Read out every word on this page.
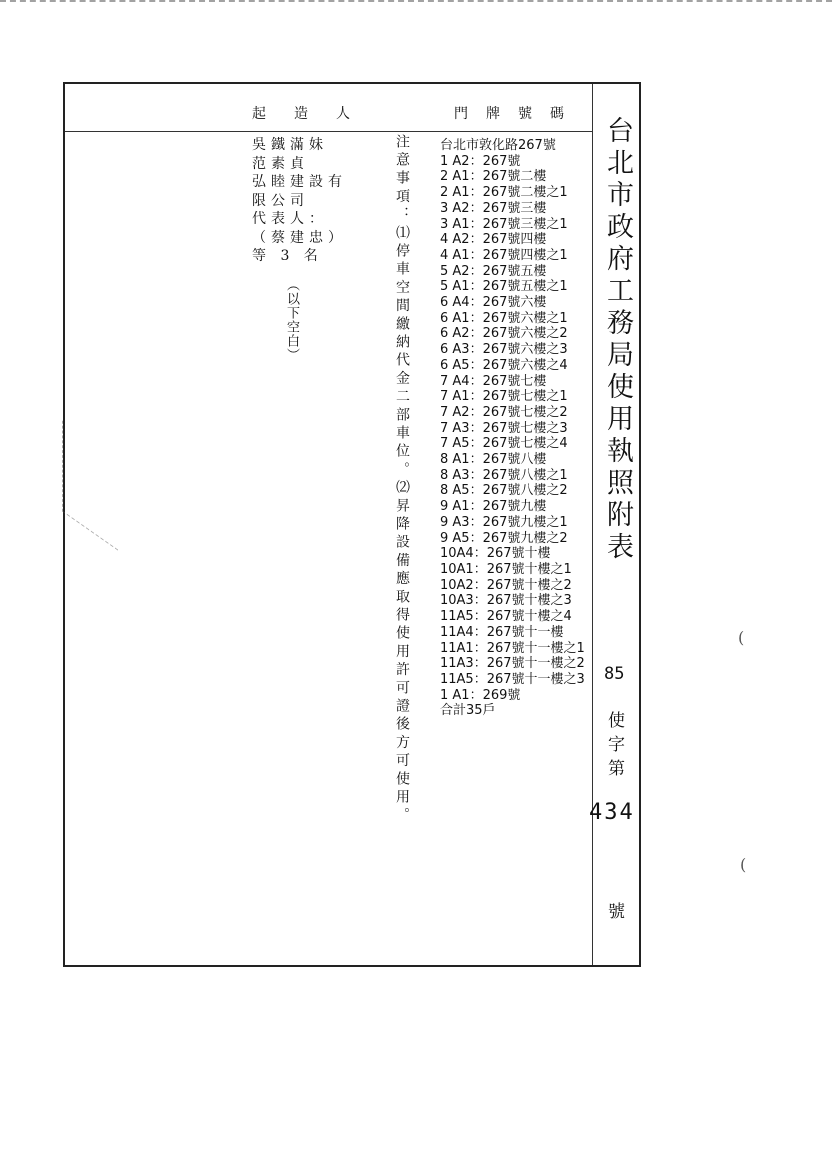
起造人	門牌號碼
台北市政府工務局使用執照附表
85
使
字
第
434
號
吳鐵滿妹
范素貞
弘睦建設有
限公司
代表人：
（蔡建忠）
等 3 名
（以下空白）	注意事項：⑴停車空間繳納代金二部車位。⑵昇降設備應取得使用許可證後方可使用。 台北市敦化路267號
1 A2：267號
2 A1：267號二樓
2 A1：267號二樓之1
3 A2：267號三樓
3 A1：267號三樓之1
4 A2：267號四樓
4 A1：267號四樓之1
5 A2：267號五樓
5 A1：267號五樓之1
6 A4：267號六樓
6 A1：267號六樓之1
6 A2：267號六樓之2
6 A3：267號六樓之3
6 A5：267號六樓之4
7 A4：267號七樓
7 A1：267號七樓之1
7 A2：267號七樓之2
7 A3：267號七樓之3
7 A5：267號七樓之4
8 A1：267號八樓
8 A3：267號八樓之1
8 A5：267號八樓之2
9 A1：267號九樓
9 A3：267號九樓之1
9 A5：267號九樓之2
10A4：267號十樓
10A1：267號十樓之1
10A2：267號十樓之2
10A3：267號十樓之3
11A5：267號十樓之4
11A4：267號十一樓
11A1：267號十一樓之1
11A3：267號十一樓之2
11A5：267號十一樓之3
1 A1：269號
合計35戶
(
(
